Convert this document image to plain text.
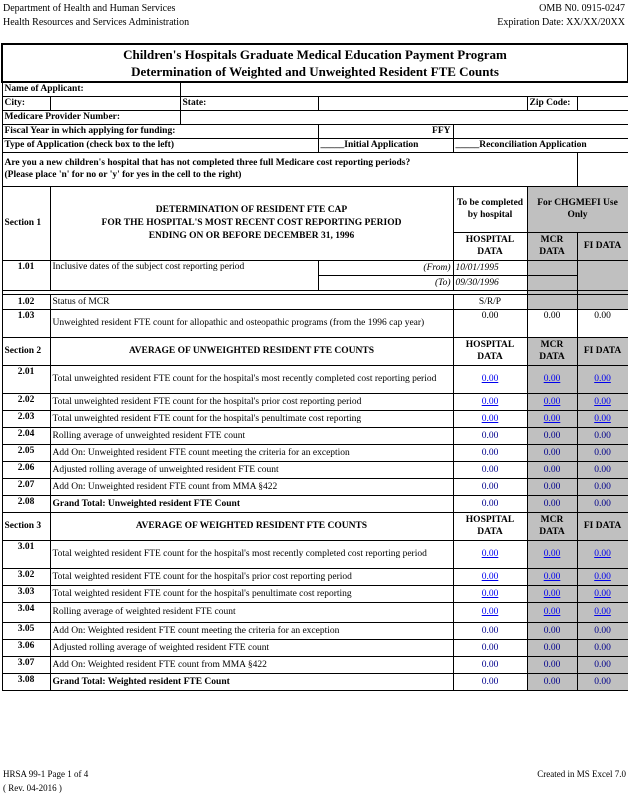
Department of Health and Human Services
Health Resources and Services Administration
OMB N0. 0915-0247
Expiration Date: XX/XX/20XX
Children's Hospitals Graduate Medical Education Payment Program
Determination of Weighted and Unweighted Resident FTE Counts						

Name of Applicant:						
City:		State:			Zip Code:	
Medicare Provider Number:						
Fiscal Year in which applying for funding:			FFY			
Type of Application (check box to the left)			_____Initial Application	_____Reconciliation Application		

Are you a new children's hospital that has not completed three full Medicare cost reporting periods?
(Please place 'n' for no or 'y' for yes in the cell to the right)						

Section 1	DETERMINATION OF RESIDENT FTE CAP
FOR THE HOSPITAL'S MOST RECENT COST REPORTING PERIOD
ENDING ON OR BEFORE DECEMBER 31, 1996			To be completed by hospital	For CHGMEFI Use Only	
				HOSPITAL DATA	MCR DATA	FI DATA
1.01	Inclusive dates of the subject cost reporting period		(From)	10/01/1995		
			(To)	09/30/1996		

1.02	Status of MCR			S/R/P		
1.03	Unweighted resident FTE count for allopathic and osteopathic programs (from the 1996 cap year)			0.00	0.00	0.00
Section 2	AVERAGE OF UNWEIGHTED RESIDENT FTE COUNTS			HOSPITAL DATA	MCR DATA	FI DATA
2.01	Total unweighted resident FTE count for the hospital's most recently completed cost reporting period			0.00	0.00	0.00
2.02	Total unweighted resident FTE count for the hospital's prior cost reporting period			0.00	0.00	0.00
2.03	Total unweighted resident FTE count for the hospital's penultimate cost reporting			0.00	0.00	0.00
2.04	Rolling average of unweighted resident FTE count			0.00	0.00	0.00
2.05	Add On: Unweighted resident FTE count meeting the criteria for an exception			0.00	0.00	0.00
2.06	Adjusted rolling average of unweighted resident FTE count			0.00	0.00	0.00
2.07	Add On: Unweighted resident FTE count from MMA §422			0.00	0.00	0.00
2.08	Grand Total: Unweighted resident FTE Count			0.00	0.00	0.00
Section 3	AVERAGE OF WEIGHTED RESIDENT FTE COUNTS			HOSPITAL DATA	MCR DATA	FI DATA
3.01	Total weighted resident FTE count for the hospital's most recently completed cost reporting period			0.00	0.00	0.00
3.02	Total weighted resident FTE count for the hospital's prior cost reporting period			0.00	0.00	0.00
3.03	Total weighted resident FTE count for the hospital's penultimate cost reporting			0.00	0.00	0.00
3.04	Rolling average of weighted resident FTE count			0.00	0.00	0.00
3.05	Add On: Weighted resident FTE count meeting the criteria for an exception			0.00	0.00	0.00
3.06	Adjusted rolling average of weighted resident FTE count			0.00	0.00	0.00
3.07	Add On: Weighted resident FTE count from MMA §422			0.00	0.00	0.00
3.08	Grand Total: Weighted resident FTE Count			0.00	0.00	0.00
HRSA 99-1 Page 1 of 4
( Rev. 04-2016 )
Created in MS Excel 7.0
